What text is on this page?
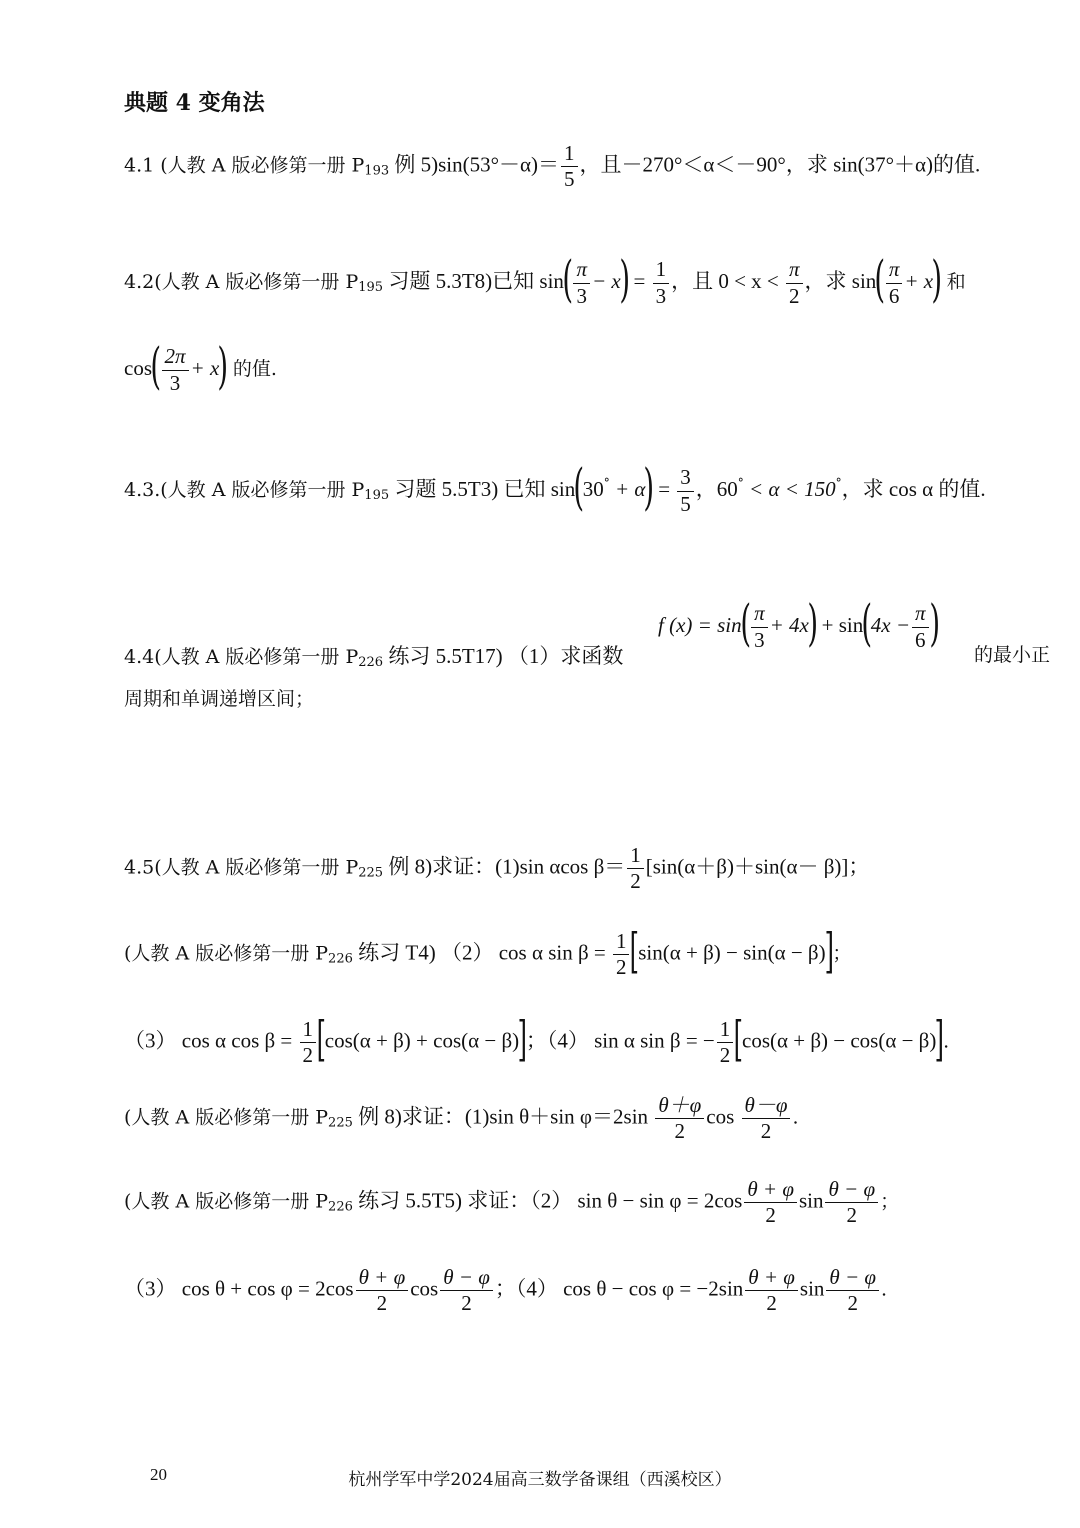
典题 4 变角法
4.1 (人教 A 版必修第一册 $P_{193}$ 例 $5)\sin(53^\circ-\alpha)= \frac{1}{5}$ ，且－270°＜α＜－90°，求 sin(37°＋α)的值.
4.2(人教 A 版必修第一册 $P_{195}$ 习题 5.3T8)已知 $\sin( \frac{\pi}{3} - x) = \frac{1}{3}$ ，且 $0 < x < \frac{\pi}{2}$ ，求 $\sin( \frac{\pi}{6} + x)$ 和
$\cos( \frac{2\pi}{3} + x)$ 的值.
4.3.(人教 A 版必修第一册 $P_{195}$ 习题 5.5T3) 已知 $\sin(30^\circ + \alpha) = \frac{3}{5}$ ，60° < α < 150°，求 cos α 的值.
4.4(人教 A 版必修第一册 $P_{226}$ 练习 5.5T17) （1）求函数
f $(x) = \sin( \frac{\pi}{3} + 4x) + \sin(4x - \frac{\pi}{6}$ )
的最小正
周期和单调递增区间；
4.5(人教 A 版必修第一册 $P_{225}$ 例 8)求证：(1)sin αcos $\beta= \frac{1}{2} [\sin(\alpha+\beta)+\sin(\alpha- \beta)]$；
(人教 A 版必修第一册 $P_{226}$ 练习 T4) （2） cos α $\sin \beta = \frac{1}{2} [\sin(\alpha + \beta) - \sin(\alpha - \beta)]$；
（3） cos α $\cos \beta = \frac{1}{2} [\cos(\alpha + \beta) + \cos(\alpha - \beta)]$；（4） sin α sin β = − $\frac{1}{2} [\cos(\alpha + \beta) - \cos(\alpha - \beta)]$.
(人教 A 版必修第一册 $P_{225}$ 例 8)求证：(1)sin θ＋sin $\varphi=2\sin \frac{\theta+\varphi}{2}$ $\cos \frac{\theta-\varphi}{2}$ .
(人教 A 版必修第一册 $P_{226}$ 练习 5.5T5) 求证：（2） $\sin \theta - \sin \varphi = 2\cos \frac{\theta + \varphi}{2}$ $\sin \frac{\theta - \varphi}{2}$ ；
（3） $\cos \theta + \cos \varphi = 2\cos \frac{\theta + \varphi}{2}$ $\cos \frac{\theta - \varphi}{2}$ ；（4） $\cos \theta - \cos \varphi = -2\sin \frac{\theta + \varphi}{2}$ $\sin \frac{\theta - \varphi}{2}$ .
20	杭州学军中学2024届高三数学备课组（西溪校区）
